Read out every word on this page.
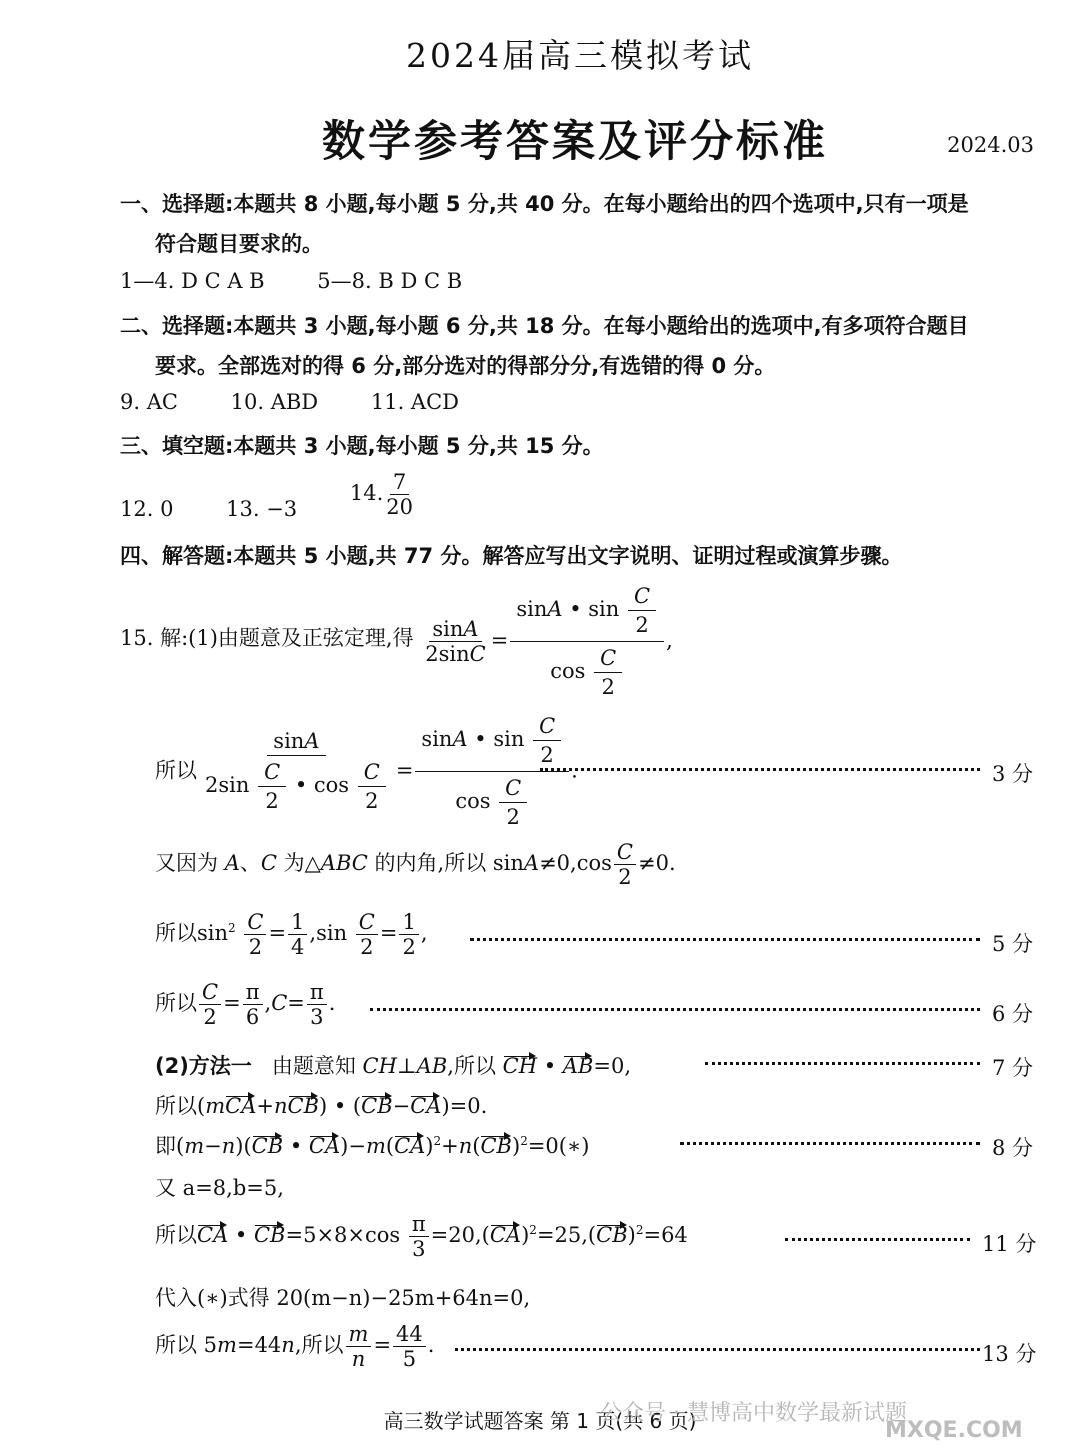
2024届高三模拟考试
数学参考答案及评分标准	2024.03
一、选择题:本题共 8 小题,每小题 5 分,共 40 分。在每小题给出的四个选项中,只有一项是
符合题目要求的。
1—4. D C A B	5—8. B D C B
二、选择题:本题共 3 小题,每小题 6 分,共 18 分。在每小题给出的选项中,有多项符合题目
要求。全部选对的得 6 分,部分选对的得部分分,有选错的得 0 分。
9. AC	10. ABD	11. ACD
三、填空题:本题共 3 小题,每小题 5 分,共 15 分。
12. 0	13. −3 14. $\frac{7}{20}$
四、解答题:本题共 5 小题,共 77 分。解答应写出文字说明、证明过程或演算步骤。
15. 解:(1)由题意及正弦定理,得 $\frac{\sin A}{2\sin C} = \frac{\sin A • \sin \frac{C}{2}}{\cos \frac{C}{2}}$ ,
所以 $\frac{\sin A}{2\sin \frac{C}{2} • \cos \frac{C}{2}} = \frac{\sin A • \sin \frac{C}{2}}{\cos \frac{C}{2}}$ .	3 分
又因为 A、C 为△ABC 的内角,所以 $\sin A\ne 0,\cos \frac{C}{2} \ne 0$.
所以$\sin^2 \frac{C}{2} = \frac{1}{4} ,\sin \frac{C}{2} = \frac{1}{2}$ ,	5 分
所以 $\frac{C}{2} = \frac{\pi}{6} ,C= \frac{\pi}{3}$ .	6 分
(2)方法一 由题意知 CH⊥AB,所以 CH • AB=0,	7 分
所以(mCA+nCB) • (CB−CA)=0.
即(m−n)(CB • CA)−m(CA)$^2$+n(CB)$^2$=0(∗)	8 分
又 a=8,b=5,
所以CA • $CB=5\times 8\times\cos \frac{\pi}{3} =20,(CA)^2=25,(CB)^2=64$	11 分
代入(∗)式得 20(m−n)−25m+64n=0,
所以 5m=44n,所以 $\frac{m}{n} = \frac{44}{5}$ .	13 分
高三数学试题答案 第 1 页(共 6 页)
公众号 · 慧博高中数学最新试题
MXQE.COM
